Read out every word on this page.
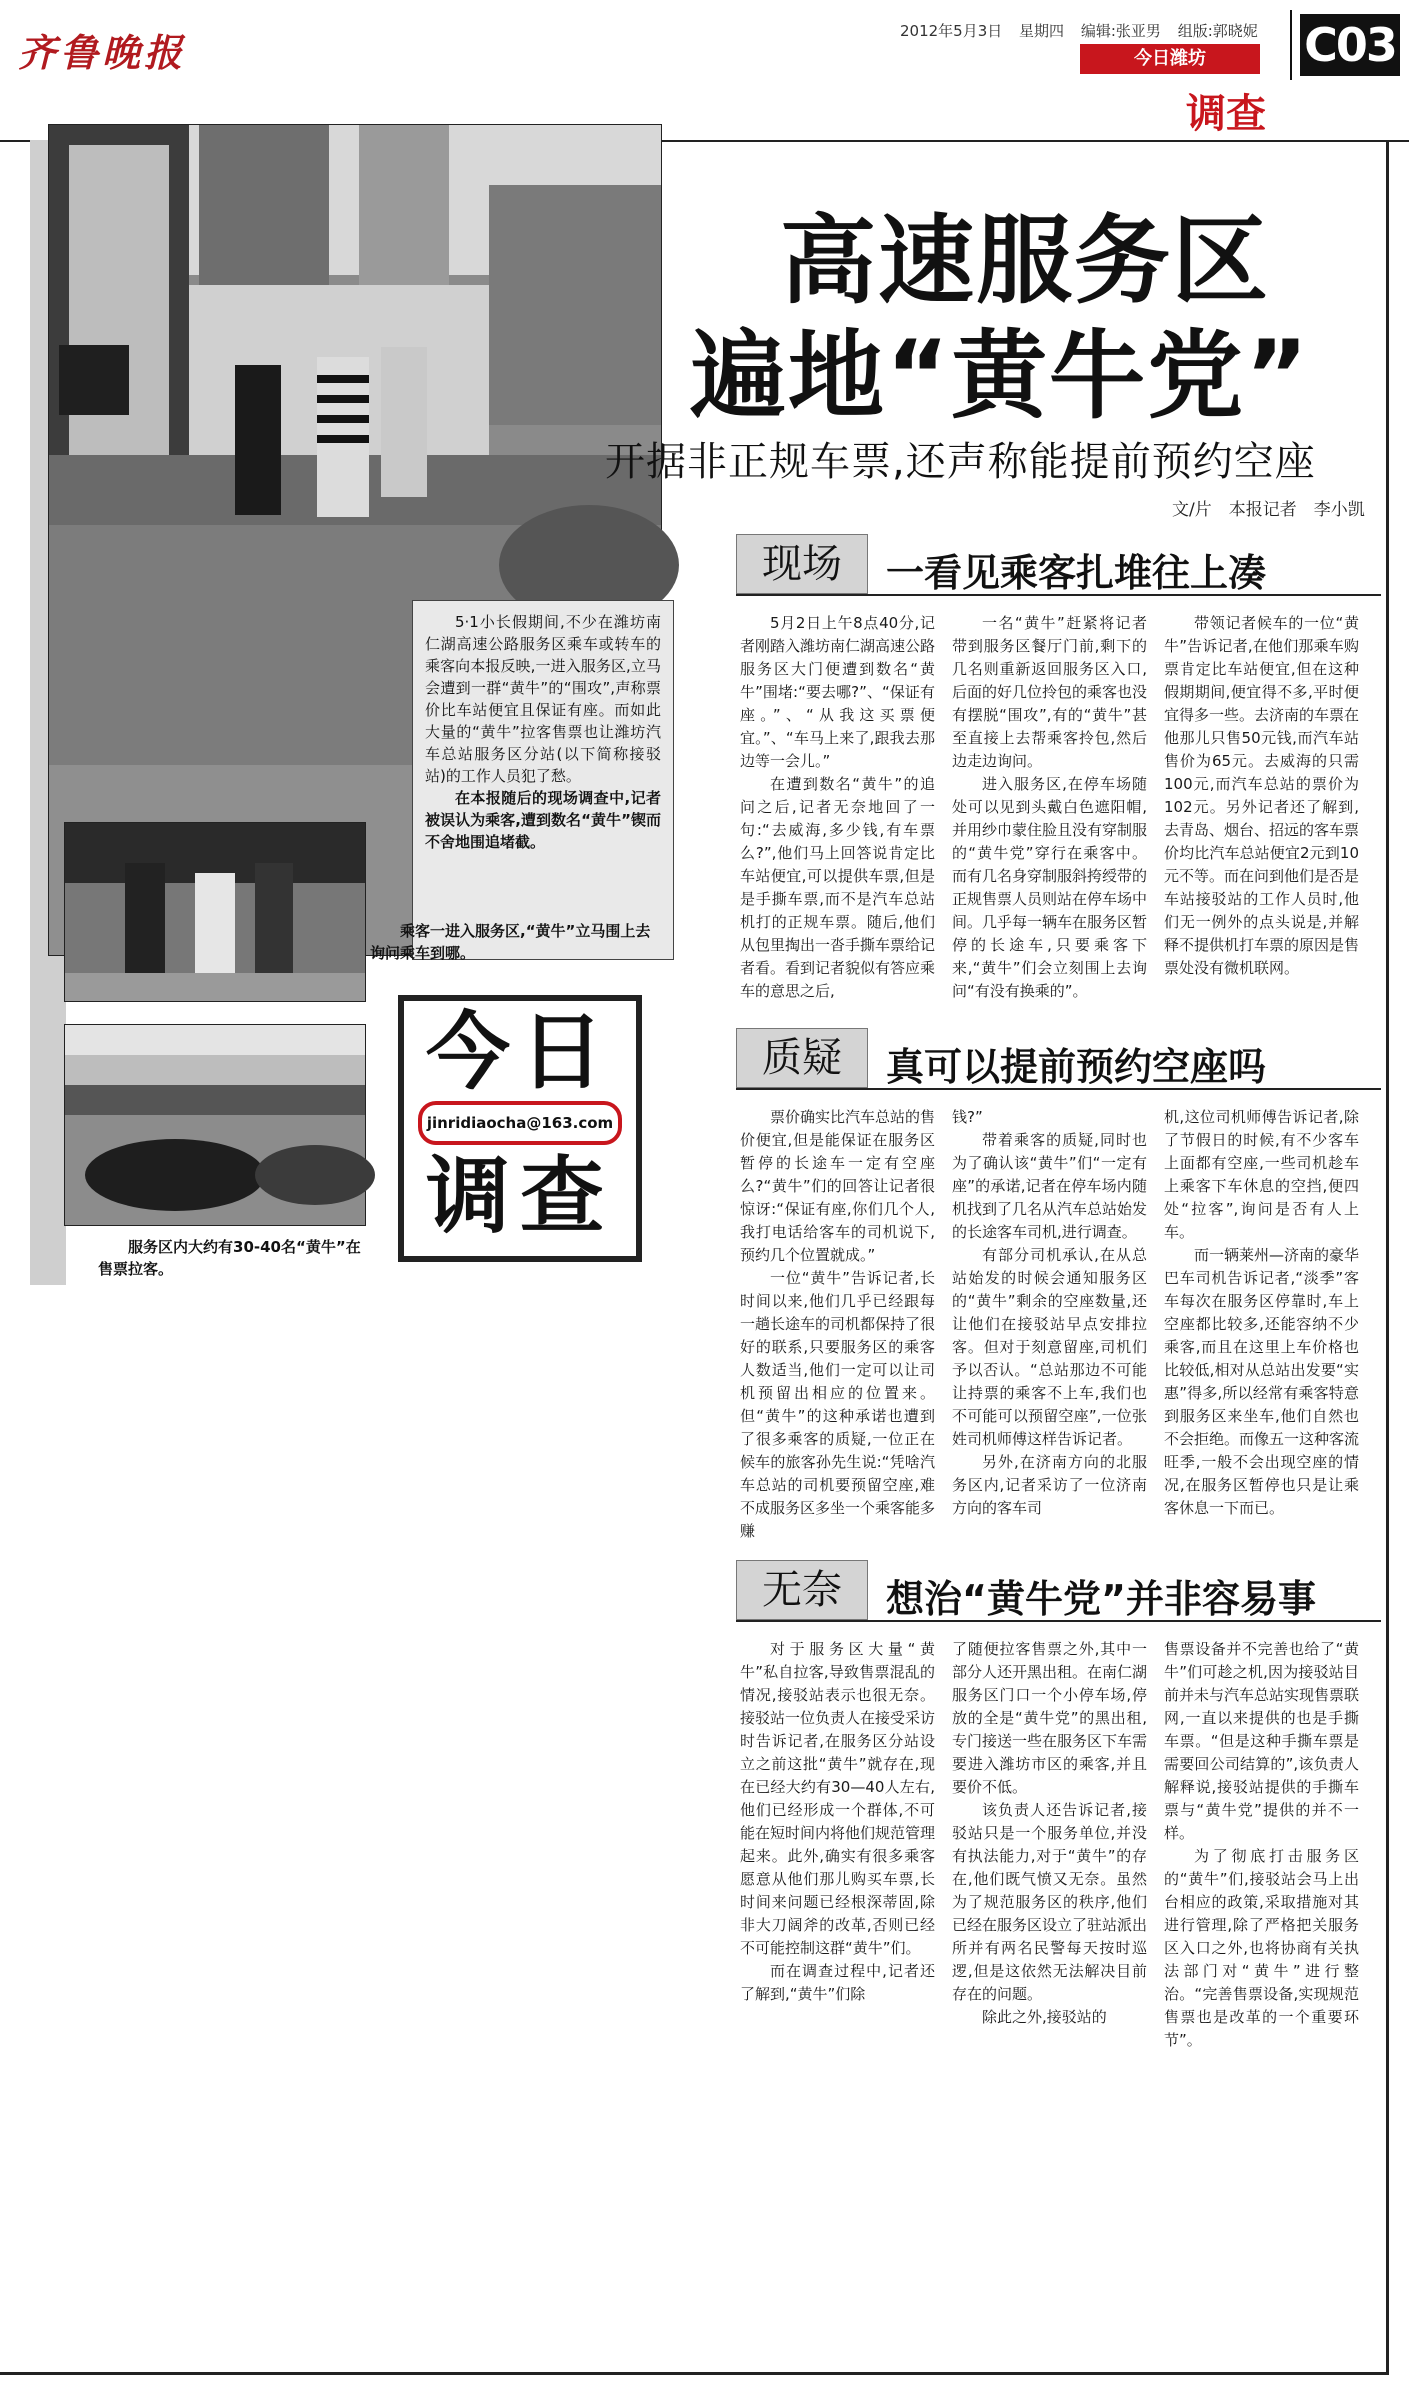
齐鲁晚报	2012年5月3日 星期四 编辑:张亚男 组版:郭晓妮
今日潍坊
调查
C03
5·1小长假期间,不少在潍坊南仁湖高速公路服务区乘车或转车的乘客向本报反映,一进入服务区,立马会遭到一群“黄牛”的“围攻”,声称票价比车站便宜且保证有座。而如此大量的“黄牛”拉客售票也让潍坊汽车总站服务区分站(以下简称接驳站)的工作人员犯了愁。
在本报随后的现场调查中,记者被误认为乘客,遭到数名“黄牛”锲而不舍地围追堵截。
乘客一进入服务区,“黄牛”立马围上去询问乘车到哪。
服务区内大约有30-40名“黄牛”在售票拉客。
今日
jinridiaocha@163.com
调查
高速服务区
遍地“黄牛党”
开据非正规车票,还声称能提前预约空座
文/片　本报记者　李小凯
现场	一看见乘客扎堆往上凑

5月2日上午8点40分,记者刚踏入潍坊南仁湖高速公路服务区大门便遭到数名“黄牛”围堵:“要去哪?”、“保证有座。”、“从我这买票便宜。”、“车马上来了,跟我去那边等一会儿。”

在遭到数名“黄牛”的追问之后,记者无奈地回了一句:“去威海,多少钱,有车票么?”,他们马上回答说肯定比车站便宜,可以提供车票,但是是手撕车票,而不是汽车总站机打的正规车票。随后,他们从包里掏出一沓手撕车票给记者看。看到记者貌似有答应乘车的意思之后,

一名“黄牛”赶紧将记者带到服务区餐厅门前,剩下的几名则重新返回服务区入口,后面的好几位拎包的乘客也没有摆脱“围攻”,有的“黄牛”甚至直接上去帮乘客拎包,然后边走边询问。

进入服务区,在停车场随处可以见到头戴白色遮阳帽,并用纱巾蒙住脸且没有穿制服的“黄牛党”穿行在乘客中。而有几名身穿制服斜挎绶带的正规售票人员则站在停车场中间。几乎每一辆车在服务区暂停的长途车,只要乘客下来,“黄牛”们会立刻围上去询问“有没有换乘的”。

带领记者候车的一位“黄牛”告诉记者,在他们那乘车购票肯定比车站便宜,但在这种假期期间,便宜得不多,平时便宜得多一些。去济南的车票在他那儿只售50元钱,而汽车站售价为65元。去威海的只需100元,而汽车总站的票价为102元。另外记者还了解到,去青岛、烟台、招远的客车票价均比汽车总站便宜2元到10元不等。而在问到他们是否是车站接驳站的工作人员时,他们无一例外的点头说是,并解释不提供机打车票的原因是售票处没有微机联网。

质疑	真可以提前预约空座吗

票价确实比汽车总站的售价便宜,但是能保证在服务区暂停的长途车一定有空座么?“黄牛”们的回答让记者很惊讶:“保证有座,你们几个人,我打电话给客车的司机说下,预约几个位置就成。”

一位“黄牛”告诉记者,长时间以来,他们几乎已经跟每一趟长途车的司机都保持了很好的联系,只要服务区的乘客人数适当,他们一定可以让司机预留出相应的位置来。但“黄牛”的这种承诺也遭到了很多乘客的质疑,一位正在候车的旅客孙先生说:“凭啥汽车总站的司机要预留空座,难不成服务区多坐一个乘客能多赚

钱?”

带着乘客的质疑,同时也为了确认该“黄牛”们“一定有座”的承诺,记者在停车场内随机找到了几名从汽车总站始发的长途客车司机,进行调查。

有部分司机承认,在从总站始发的时候会通知服务区的“黄牛”剩余的空座数量,还让他们在接驳站早点安排拉客。但对于刻意留座,司机们予以否认。“总站那边不可能让持票的乘客不上车,我们也不可能可以预留空座”,一位张姓司机师傅这样告诉记者。

另外,在济南方向的北服务区内,记者采访了一位济南方向的客车司

机,这位司机师傅告诉记者,除了节假日的时候,有不少客车上面都有空座,一些司机趁车上乘客下车休息的空挡,便四处“拉客”,询问是否有人上车。

而一辆莱州—济南的豪华巴车司机告诉记者,“淡季”客车每次在服务区停靠时,车上空座都比较多,还能容纳不少乘客,而且在这里上车价格也比较低,相对从总站出发要“实惠”得多,所以经常有乘客特意到服务区来坐车,他们自然也不会拒绝。而像五一这种客流旺季,一般不会出现空座的情况,在服务区暂停也只是让乘客休息一下而已。

无奈	想治“黄牛党”并非容易事

对于服务区大量“黄牛”私自拉客,导致售票混乱的情况,接驳站表示也很无奈。接驳站一位负责人在接受采访时告诉记者,在服务区分站设立之前这批“黄牛”就存在,现在已经大约有30—40人左右,他们已经形成一个群体,不可能在短时间内将他们规范管理起来。此外,确实有很多乘客愿意从他们那儿购买车票,长时间来问题已经根深蒂固,除非大刀阔斧的改革,否则已经不可能控制这群“黄牛”们。

而在调查过程中,记者还了解到,“黄牛”们除

了随便拉客售票之外,其中一部分人还开黑出租。在南仁湖服务区门口一个小停车场,停放的全是“黄牛党”的黑出租,专门接送一些在服务区下车需要进入潍坊市区的乘客,并且要价不低。

该负责人还告诉记者,接驳站只是一个服务单位,并没有执法能力,对于“黄牛”的存在,他们既气愤又无奈。虽然为了规范服务区的秩序,他们已经在服务区设立了驻站派出所并有两名民警每天按时巡逻,但是这依然无法解决目前存在的问题。

除此之外,接驳站的

售票设备并不完善也给了“黄牛”们可趁之机,因为接驳站目前并未与汽车总站实现售票联网,一直以来提供的也是手撕车票。“但是这种手撕车票是需要回公司结算的”,该负责人解释说,接驳站提供的手撕车票与“黄牛党”提供的并不一样。

为了彻底打击服务区的“黄牛”们,接驳站会马上出台相应的政策,采取措施对其进行管理,除了严格把关服务区入口之外,也将协商有关执法部门对“黄牛”进行整治。“完善售票设备,实现规范售票也是改革的一个重要环节”。
